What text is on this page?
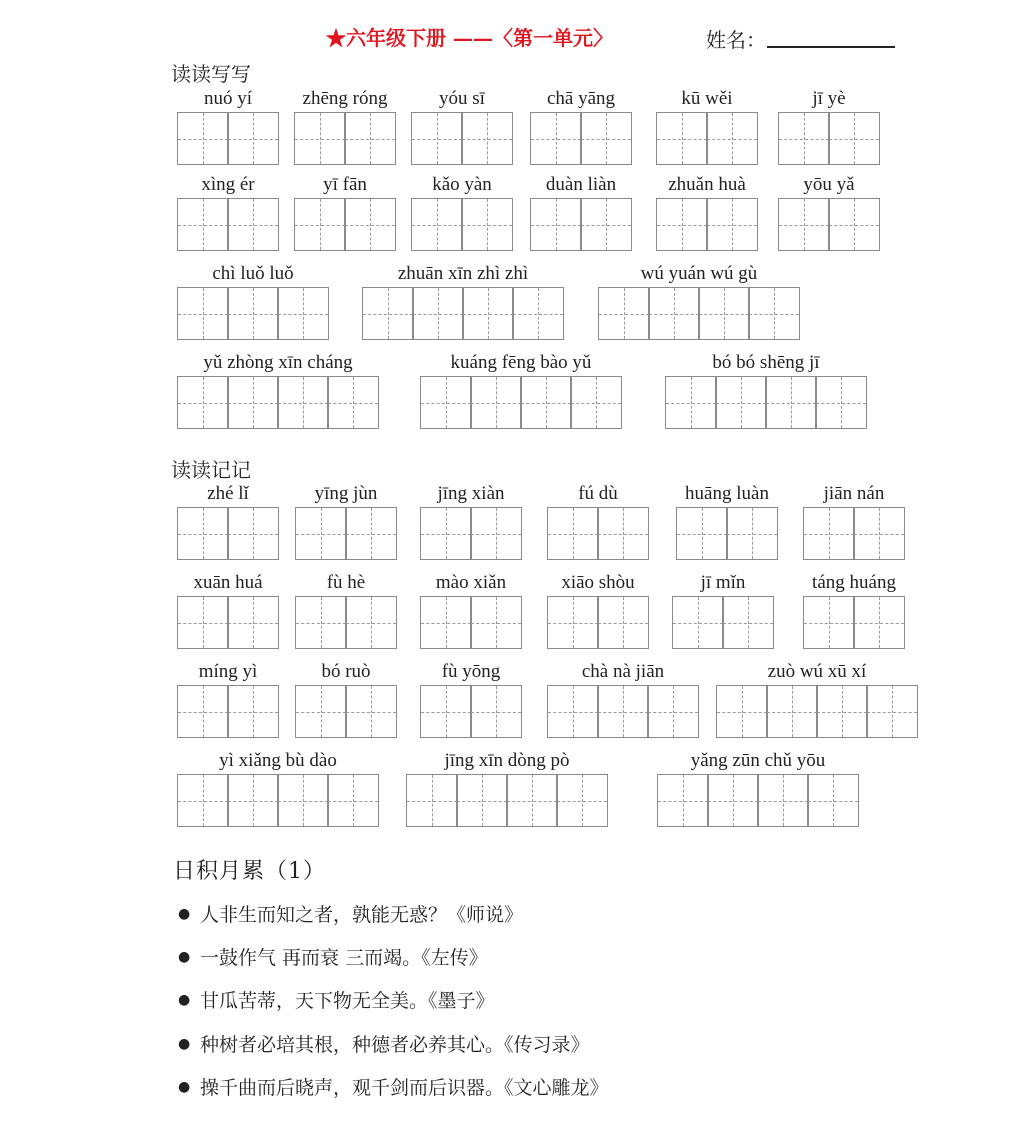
★六年级下册 ——〈第一单元〉	姓名：
读读写写
nuó yí	zhēng róng	yóu sī	chā yāng	kū wěi	jī yè
xìng ér	yī fān	kǎo yàn	duàn liàn	zhuǎn huà	yōu yǎ
chì luǒ luǒ	zhuān xīn zhì zhì	wú yuán wú gù
yǔ zhòng xīn cháng	kuáng fēng bào yǔ	bó bó shēng jī
读读记记
zhé lǐ	yīng jùn	jīng xiàn	fú dù	huāng luàn	jiān nán
xuān huá	fù hè	mào xiǎn	xiāo shòu	jī mǐn	táng huáng
míng yì	bó ruò	fù yōng	chà nà jiān	zuò wú xū xí
yì xiǎng bù dào	jīng xīn dòng pò	yǎng zūn chǔ yōu
日积月累（1）
● 人非生而知之者，孰能无惑？《师说》
● 一鼓作气 再而衰 三而竭。《左传》
● 甘瓜苦蒂，天下物无全美。《墨子》
● 种树者必培其根，种德者必养其心。《传习录》
● 操千曲而后晓声，观千剑而后识器。《文心雕龙》
